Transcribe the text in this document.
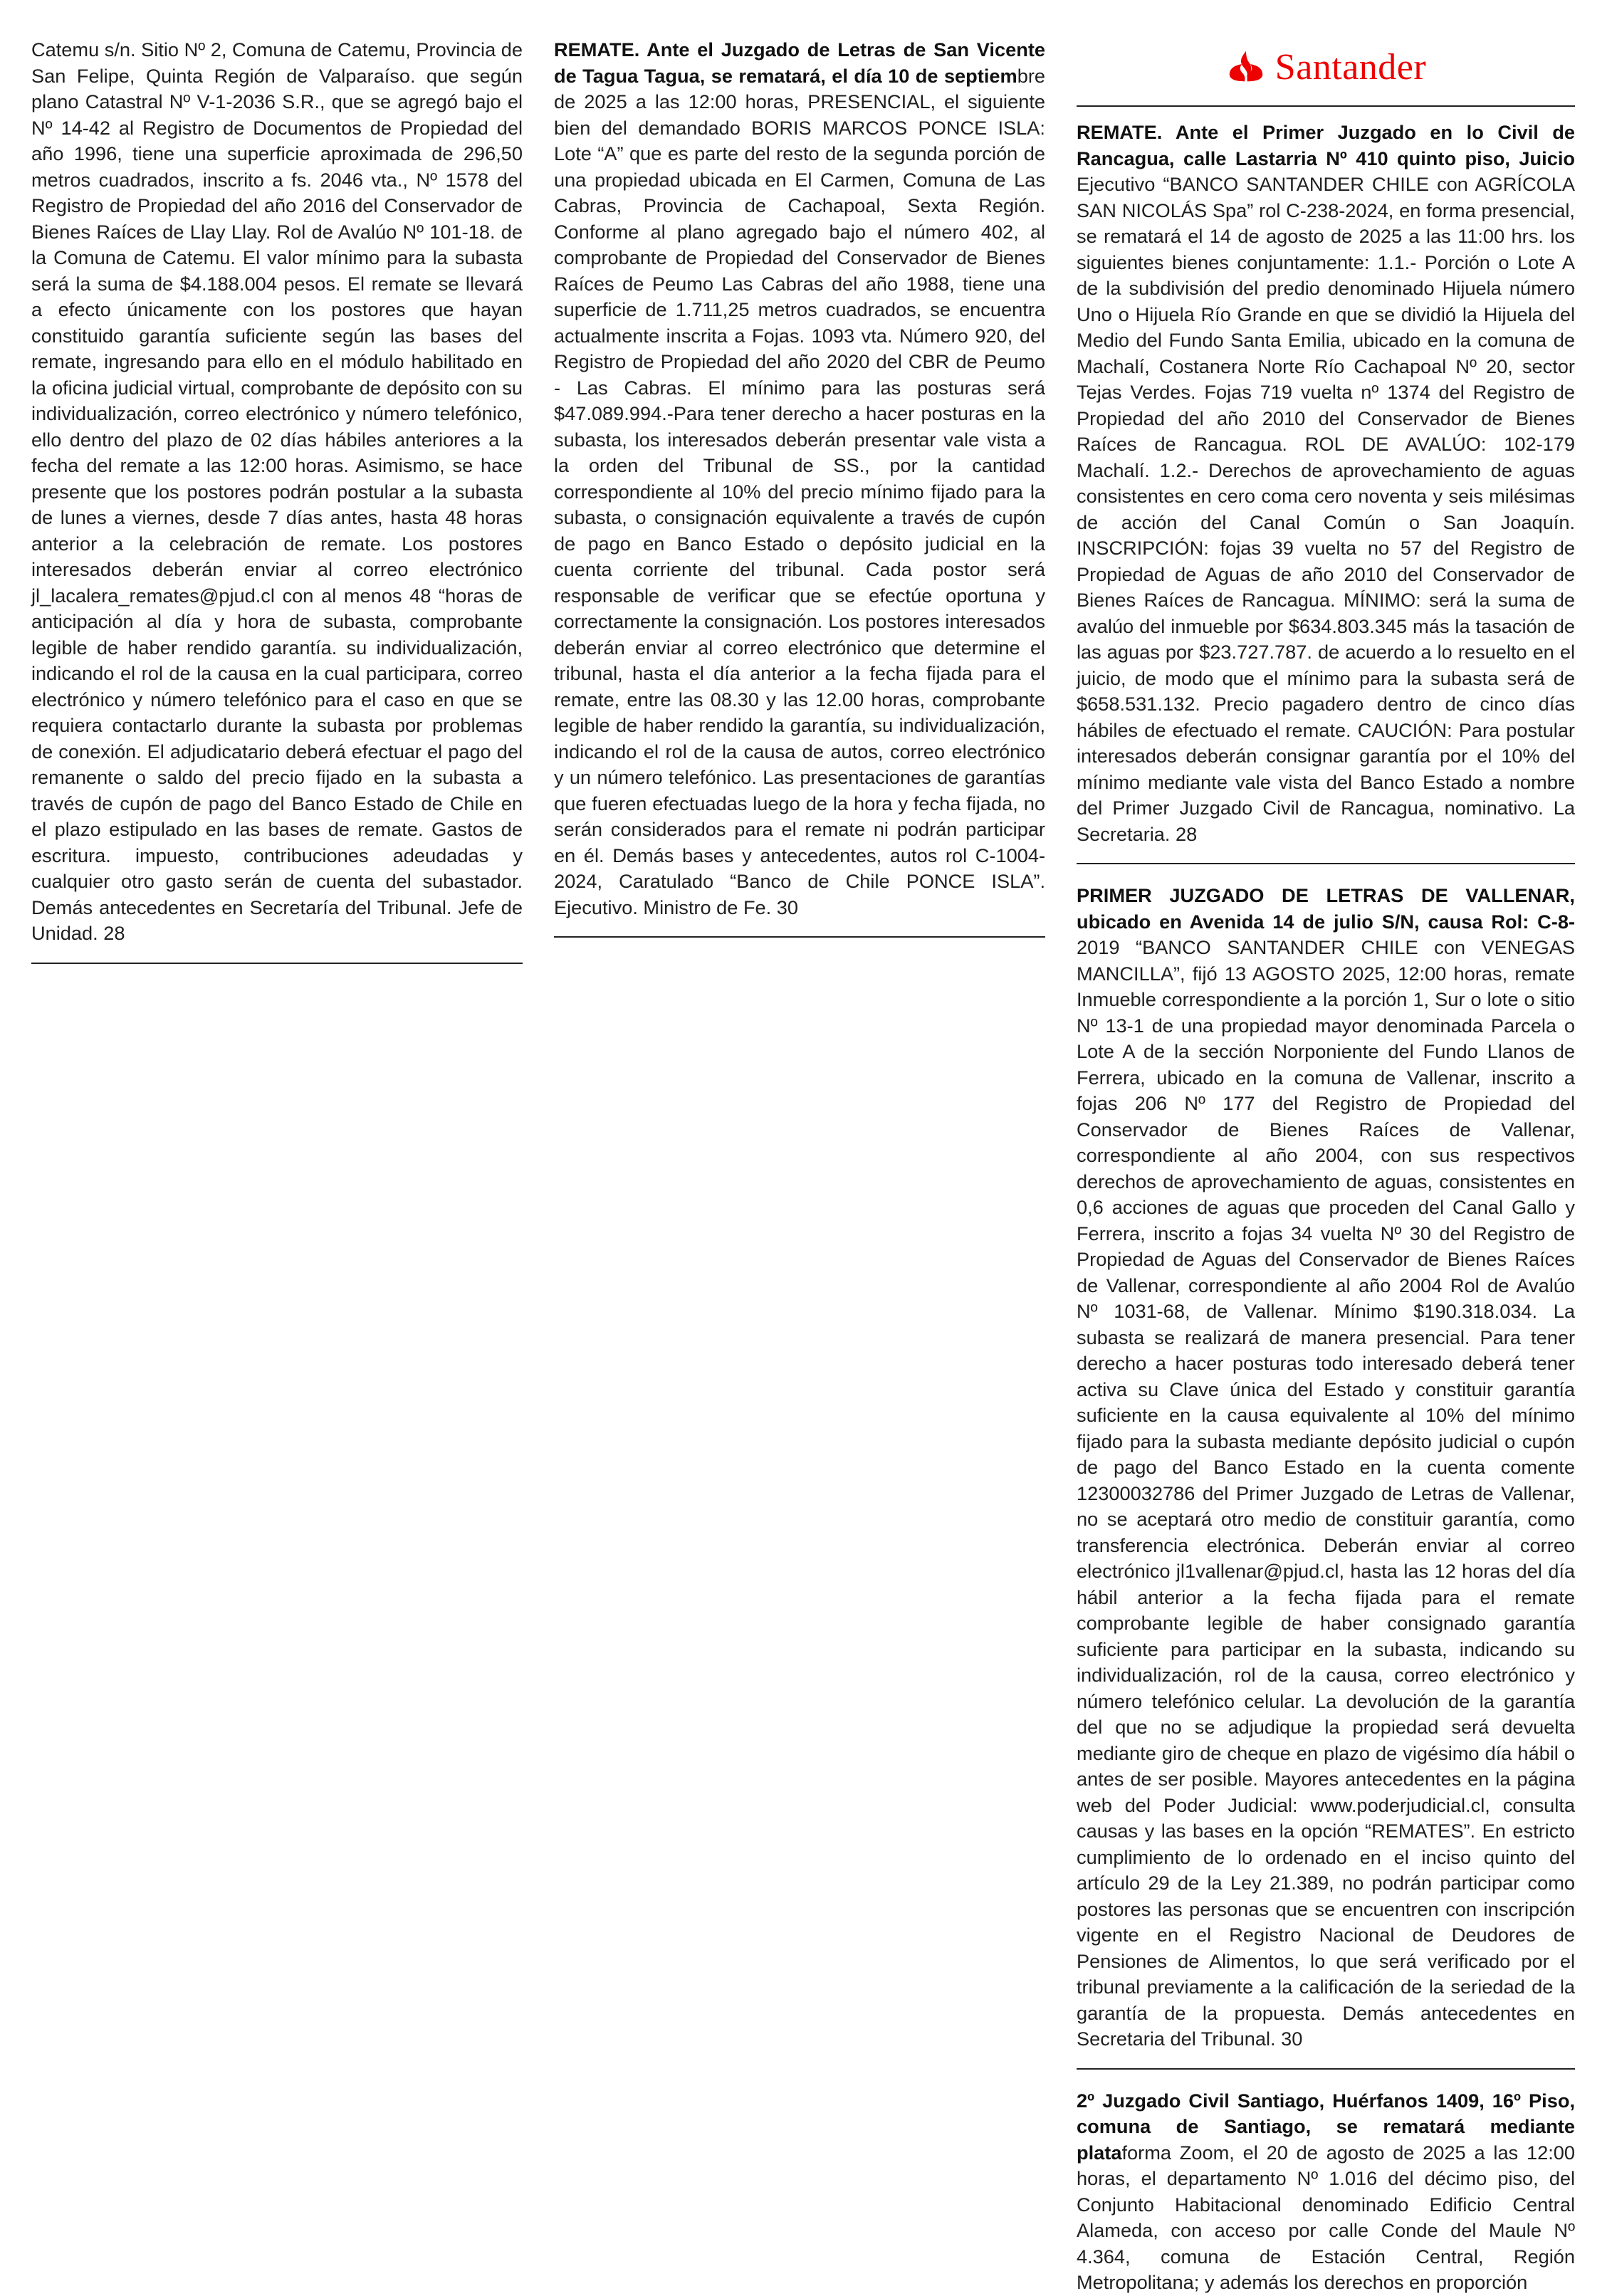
Catemu s/n. Sitio Nº 2, Comuna de Catemu, Provincia de San Felipe, Quinta Región de Valparaíso. que según plano Catastral Nº V-1-2036 S.R., que se agregó bajo el Nº 14-42 al Registro de Documentos de Propiedad del año 1996, tiene una superficie aproximada de 296,50 metros cuadrados, inscrito a fs. 2046 vta., Nº 1578 del Registro de Propiedad del año 2016 del Conservador de Bienes Raíces de Llay Llay. Rol de Avalúo Nº 101-18. de la Comuna de Catemu. El valor mínimo para la subasta será la suma de $4.188.004 pesos. El remate se llevará a efecto únicamente con los postores que hayan constituido garantía suficiente según las bases del remate, ingresando para ello en el módulo habilitado en la oficina judicial virtual, comprobante de depósito con su individualización, correo electrónico y número telefónico, ello dentro del plazo de 02 días hábiles anteriores a la fecha del remate a las 12:00 horas. Asimismo, se hace presente que los postores podrán postular a la subasta de lunes a viernes, desde 7 días antes, hasta 48 horas anterior a la celebración de remate. Los postores interesados deberán enviar al correo electrónico jl_lacalera_remates@pjud.cl con al menos 48 “horas de anticipación al día y hora de subasta, comprobante legible de haber rendido garantía. su individualización, indicando el rol de la causa en la cual participara, correo electrónico y número telefónico para el caso en que se requiera contactarlo durante la subasta por problemas de conexión. El adjudicatario deberá efectuar el pago del remanente o saldo del precio fijado en la subasta a través de cupón de pago del Banco Estado de Chile en el plazo estipulado en las bases de remate. Gastos de escritura. impuesto, contribuciones adeudadas y cualquier otro gasto serán de cuenta del subastador. Demás antecedentes en Secretaría del Tribunal. Jefe de Unidad. 28

REMATE. Ante el Juzgado de Letras de San Vicente de Tagua Tagua, se rematará, el día 10 de septiembre de 2025 a las 12:00 horas, PRESENCIAL, el siguiente bien del demandado BORIS MARCOS PONCE ISLA: Lote “A” que es parte del resto de la segunda porción de una propiedad ubicada en El Carmen, Comuna de Las Cabras, Provincia de Cachapoal, Sexta Región. Conforme al plano agregado bajo el número 402, al comprobante de Propiedad del Conservador de Bienes Raíces de Peumo Las Cabras del año 1988, tiene una superficie de 1.711,25 metros cuadrados, se encuentra actualmente inscrita a Fojas. 1093 vta. Número 920, del Registro de Propiedad del año 2020 del CBR de Peumo - Las Cabras. El mínimo para las posturas será $47.089.994.-Para tener derecho a hacer posturas en la subasta, los interesados deberán presentar vale vista a la orden del Tribunal de SS., por la cantidad correspondiente al 10% del precio mínimo fijado para la subasta, o consignación equivalente a través de cupón de pago en Banco Estado o depósito judicial en la cuenta corriente del tribunal. Cada postor será responsable de verificar que se efectúe oportuna y correctamente la consignación. Los postores interesados deberán enviar al correo electrónico que determine el tribunal, hasta el día anterior a la fecha fijada para el remate, entre las 08.30 y las 12.00 horas, comprobante legible de haber rendido la garantía, su individualización, indicando el rol de la causa de autos, correo electrónico y un número telefónico. Las presentaciones de garantías que fueren efectuadas luego de la hora y fecha fijada, no serán considerados para el remate ni podrán participar en él. Demás bases y antecedentes, autos rol C-1004-2024, Caratulado “Banco de Chile PONCE ISLA”. Ejecutivo. Ministro de Fe. 30

Santander

REMATE. Ante el Primer Juzgado en lo Civil de Rancagua, calle Lastarria Nº 410 quinto piso, Juicio Ejecutivo “BANCO SANTANDER CHILE con AGRÍCOLA SAN NICOLÁS Spa” rol C-238-2024, en forma presencial, se rematará el 14 de agosto de 2025 a las 11:00 hrs. los siguientes bienes conjuntamente: 1.1.- Porción o Lote A de la subdivisión del predio denominado Hijuela número Uno o Hijuela Río Grande en que se dividió la Hijuela del Medio del Fundo Santa Emilia, ubicado en la comuna de Machalí, Costanera Norte Río Cachapoal Nº 20, sector Tejas Verdes. Fojas 719 vuelta nº 1374 del Registro de Propiedad del año 2010 del Conservador de Bienes Raíces de Rancagua. ROL DE AVALÚO: 102-179 Machalí. 1.2.- Derechos de aprovechamiento de aguas consistentes en cero coma cero noventa y seis milésimas de acción del Canal Común o San Joaquín. INSCRIPCIÓN: fojas 39 vuelta no 57 del Registro de Propiedad de Aguas de año 2010 del Conservador de Bienes Raíces de Rancagua. MÍNIMO: será la suma de avalúo del inmueble por $634.803.345 más la tasación de las aguas por $23.727.787. de acuerdo a lo resuelto en el juicio, de modo que el mínimo para la subasta será de $658.531.132. Precio pagadero dentro de cinco días hábiles de efectuado el remate. CAUCIÓN: Para postular interesados deberán consignar garantía por el 10% del mínimo mediante vale vista del Banco Estado a nombre del Primer Juzgado Civil de Rancagua, nominativo. La Secretaria. 28

PRIMER JUZGADO DE LETRAS DE VALLENAR, ubicado en Avenida 14 de julio S/N, causa Rol: C-8-2019 “BANCO SANTANDER CHILE con VENEGAS MANCILLA”, fijó 13 AGOSTO 2025, 12:00 horas, remate Inmueble correspondiente a la porción 1, Sur o lote o sitio Nº 13-1 de una propiedad mayor denominada Parcela o Lote A de la sección Norponiente del Fundo Llanos de Ferrera, ubicado en la comuna de Vallenar, inscrito a fojas 206 Nº 177 del Registro de Propiedad del Conservador de Bienes Raíces de Vallenar, correspondiente al año 2004, con sus respectivos derechos de aprovechamiento de aguas, consistentes en 0,6 acciones de aguas que proceden del Canal Gallo y Ferrera, inscrito a fojas 34 vuelta Nº 30 del Registro de Propiedad de Aguas del Conservador de Bienes Raíces de Vallenar, correspondiente al año 2004 Rol de Avalúo Nº 1031-68, de Vallenar. Mínimo $190.318.034. La subasta se realizará de manera presencial. Para tener derecho a hacer posturas todo interesado deberá tener activa su Clave única del Estado y constituir garantía suficiente en la causa equivalente al 10% del mínimo fijado para la subasta mediante depósito judicial o cupón de pago del Banco Estado en la cuenta comente 12300032786 del Primer Juzgado de Letras de Vallenar, no se aceptará otro medio de constituir garantía, como transferencia electrónica. Deberán enviar al correo electrónico jl1vallenar@pjud.cl, hasta las 12 horas del día hábil anterior a la fecha fijada para el remate comprobante legible de haber consignado garantía suficiente para participar en la subasta, indicando su individualización, rol de la causa, correo electrónico y número telefónico celular. La devolución de la garantía del que no se adjudique la propiedad será devuelta mediante giro de cheque en plazo de vigésimo día hábil o antes de ser posible. Mayores antecedentes en la página web del Poder Judicial: www.poderjudicial.cl, consulta causas y las bases en la opción “REMATES”. En estricto cumplimiento de lo ordenado en el inciso quinto del artículo 29 de la Ley 21.389, no podrán participar como postores las personas que se encuentren con inscripción vigente en el Registro Nacional de Deudores de Pensiones de Alimentos, lo que será verificado por el tribunal previamente a la calificación de la seriedad de la garantía de la propuesta. Demás antecedentes en Secretaria del Tribunal. 30

2º Juzgado Civil Santiago, Huérfanos 1409, 16º Piso, comuna de Santiago, se rematará mediante plataforma Zoom, el 20 de agosto de 2025 a las 12:00 horas, el departamento Nº 1.016 del décimo piso, del Conjunto Habitacional denominado Edificio Central Alameda, con acceso por calle Conde del Maule Nº 4.364, comuna de Estación Central, Región Metropolitana; y además los derechos en proporción
